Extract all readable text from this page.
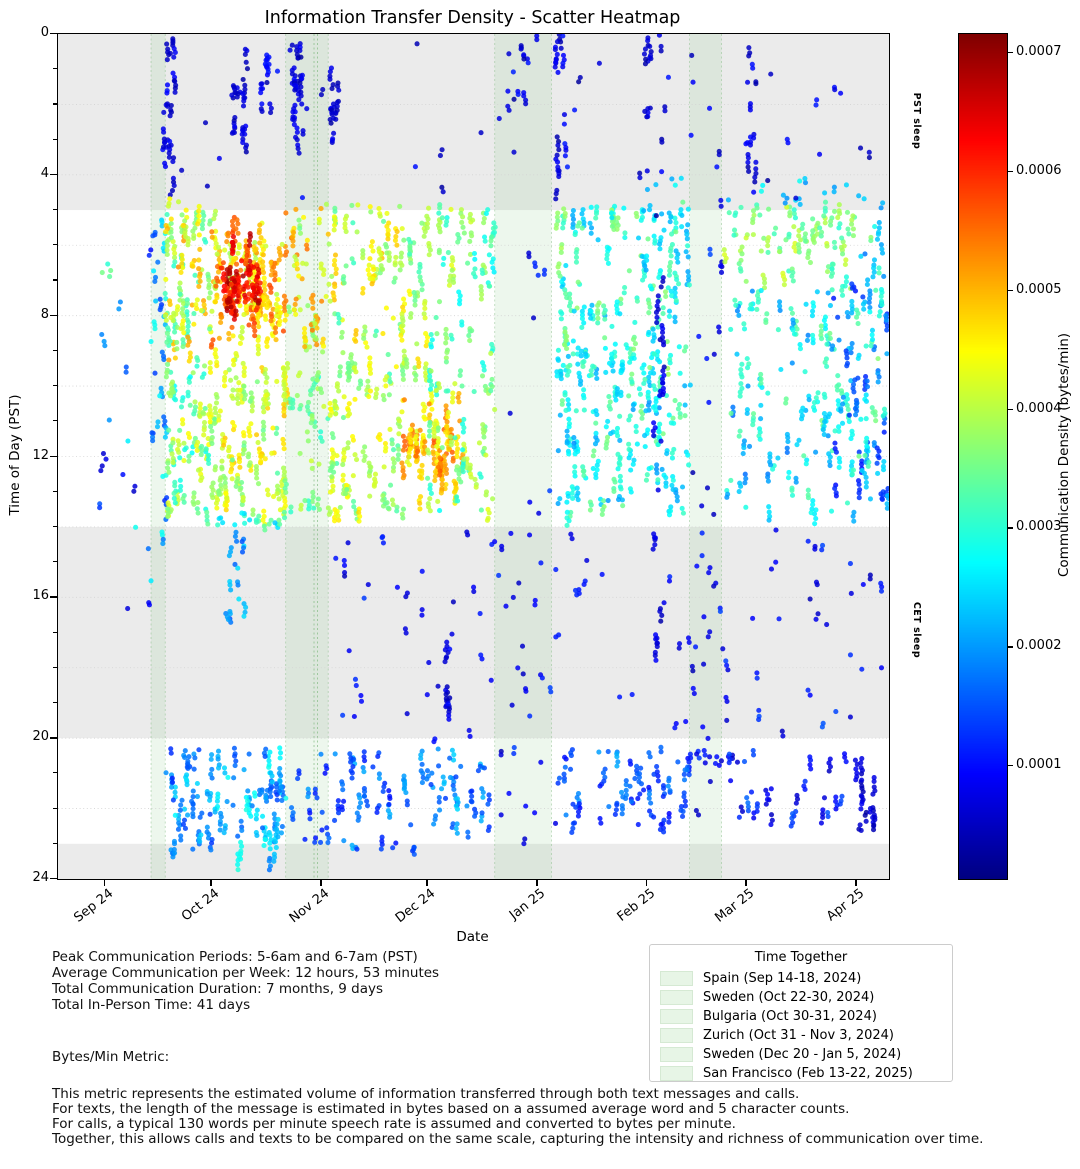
Information Transfer Density - Scatter Heatmap
Sep 24	Oct 24	Nov 24	Dec 24	Jan 25	Feb 25	Mar 25	Apr 25
0
4
8
12
16
20
24
0.0007
0.0006
0.0005
0.0004
0.0003
0.0002
0.0001
PST sleep
CET sleep
Communication Density (bytes/min)
Date
Time of Day (PST)
Time Together
Spain (Sep 14-18, 2024)
Sweden (Oct 22-30, 2024)
Bulgaria (Oct 30-31, 2024)
Zurich (Oct 31 - Nov 3, 2024)
Sweden (Dec 20 - Jan 5, 2024)
San Francisco (Feb 13-22, 2025)
Peak Communication Periods: 5-6am and 6-7am (PST)
Average Communication per Week: 12 hours, 53 minutes
Total Communication Duration: 7 months, 9 days
Total In-Person Time: 41 days
Bytes/Min Metric:
This metric represents the estimated volume of information transferred through both text messages and calls.
For texts, the length of the message is estimated in bytes based on a assumed average word and 5 character counts.
For calls, a typical 130 words per minute speech rate is assumed and converted to bytes per minute.
Together, this allows calls and texts to be compared on the same scale, capturing the intensity and richness of communication over time.
